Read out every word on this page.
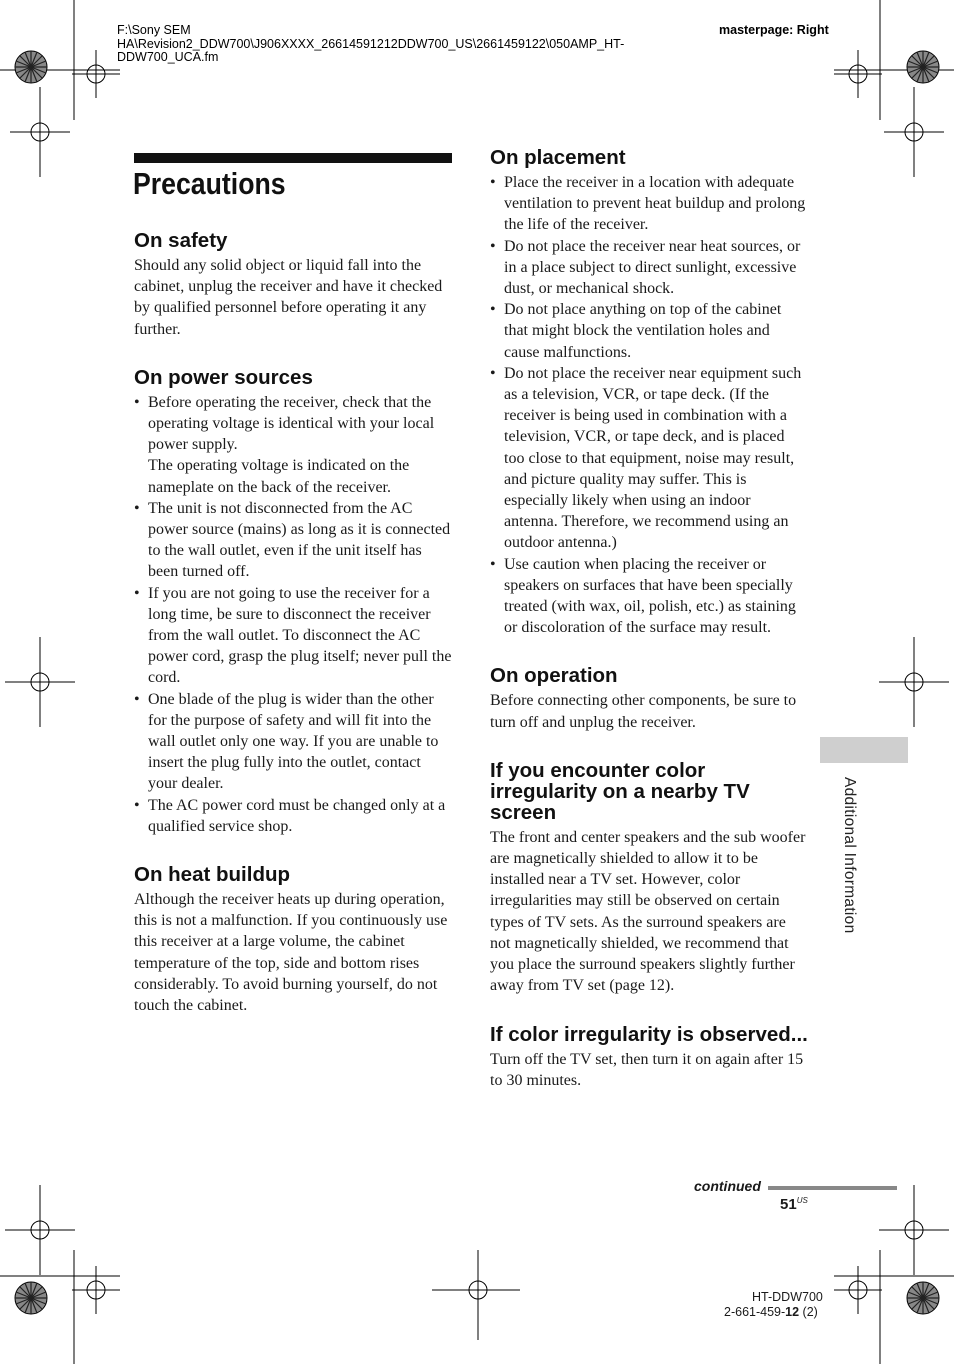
F:\Sony SEM
HA\Revision2_DDW700\J906XXXX_26614591212DDW700_US\2661459122\050AMP_HT-
DDW700_UCA.fm
masterpage: Right
Precautions
On safety

Should any solid object or liquid fall into the cabinet, unplug the receiver and have it checked by qualified personnel before operating it any further.

On power sources
• Before operating the receiver, check that the operating voltage is identical with your local power supply.
The operating voltage is indicated on the nameplate on the back of the receiver.
• The unit is not disconnected from the AC power source (mains) as long as it is connected to the wall outlet, even if the unit itself has been turned off.
• If you are not going to use the receiver for a long time, be sure to disconnect the receiver from the wall outlet. To disconnect the AC power cord, grasp the plug itself; never pull the cord.
• One blade of the plug is wider than the other for the purpose of safety and will fit into the wall outlet only one way. If you are unable to insert the plug fully into the outlet, contact your dealer.
• The AC power cord must be changed only at a qualified service shop.
On heat buildup

Although the receiver heats up during operation, this is not a malfunction. If you continuously use this receiver at a large volume, the cabinet temperature of the top, side and bottom rises considerably. To avoid burning yourself, do not touch the cabinet.

On placement
• Place the receiver in a location with adequate ventilation to prevent heat buildup and prolong the life of the receiver.
• Do not place the receiver near heat sources, or in a place subject to direct sunlight, excessive dust, or mechanical shock.
• Do not place anything on top of the cabinet that might block the ventilation holes and cause malfunctions.
• Do not place the receiver near equipment such as a television, VCR, or tape deck. (If the receiver is being used in combination with a television, VCR, or tape deck, and is placed too close to that equipment, noise may result, and picture quality may suffer. This is especially likely when using an indoor antenna. Therefore, we recommend using an outdoor antenna.)
• Use caution when placing the receiver or speakers on surfaces that have been specially treated (with wax, oil, polish, etc.) as staining or discoloration of the surface may result.
On operation

Before connecting other components, be sure to turn off and unplug the receiver.

If you encounter color irregularity on a nearby TV screen

The front and center speakers and the sub woofer are magnetically shielded to allow it to be installed near a TV set. However, color irregularities may still be observed on certain types of TV sets. As the surround speakers are not magnetically shielded, we recommend that you place the surround speakers slightly further away from TV set (page 12).

If color irregularity is observed...

Turn off the TV set, then turn it on again after 15 to 30 minutes.

Additional Information
continued
$51^{US}$
HT-DDW700
2-661-459-12 (2)
